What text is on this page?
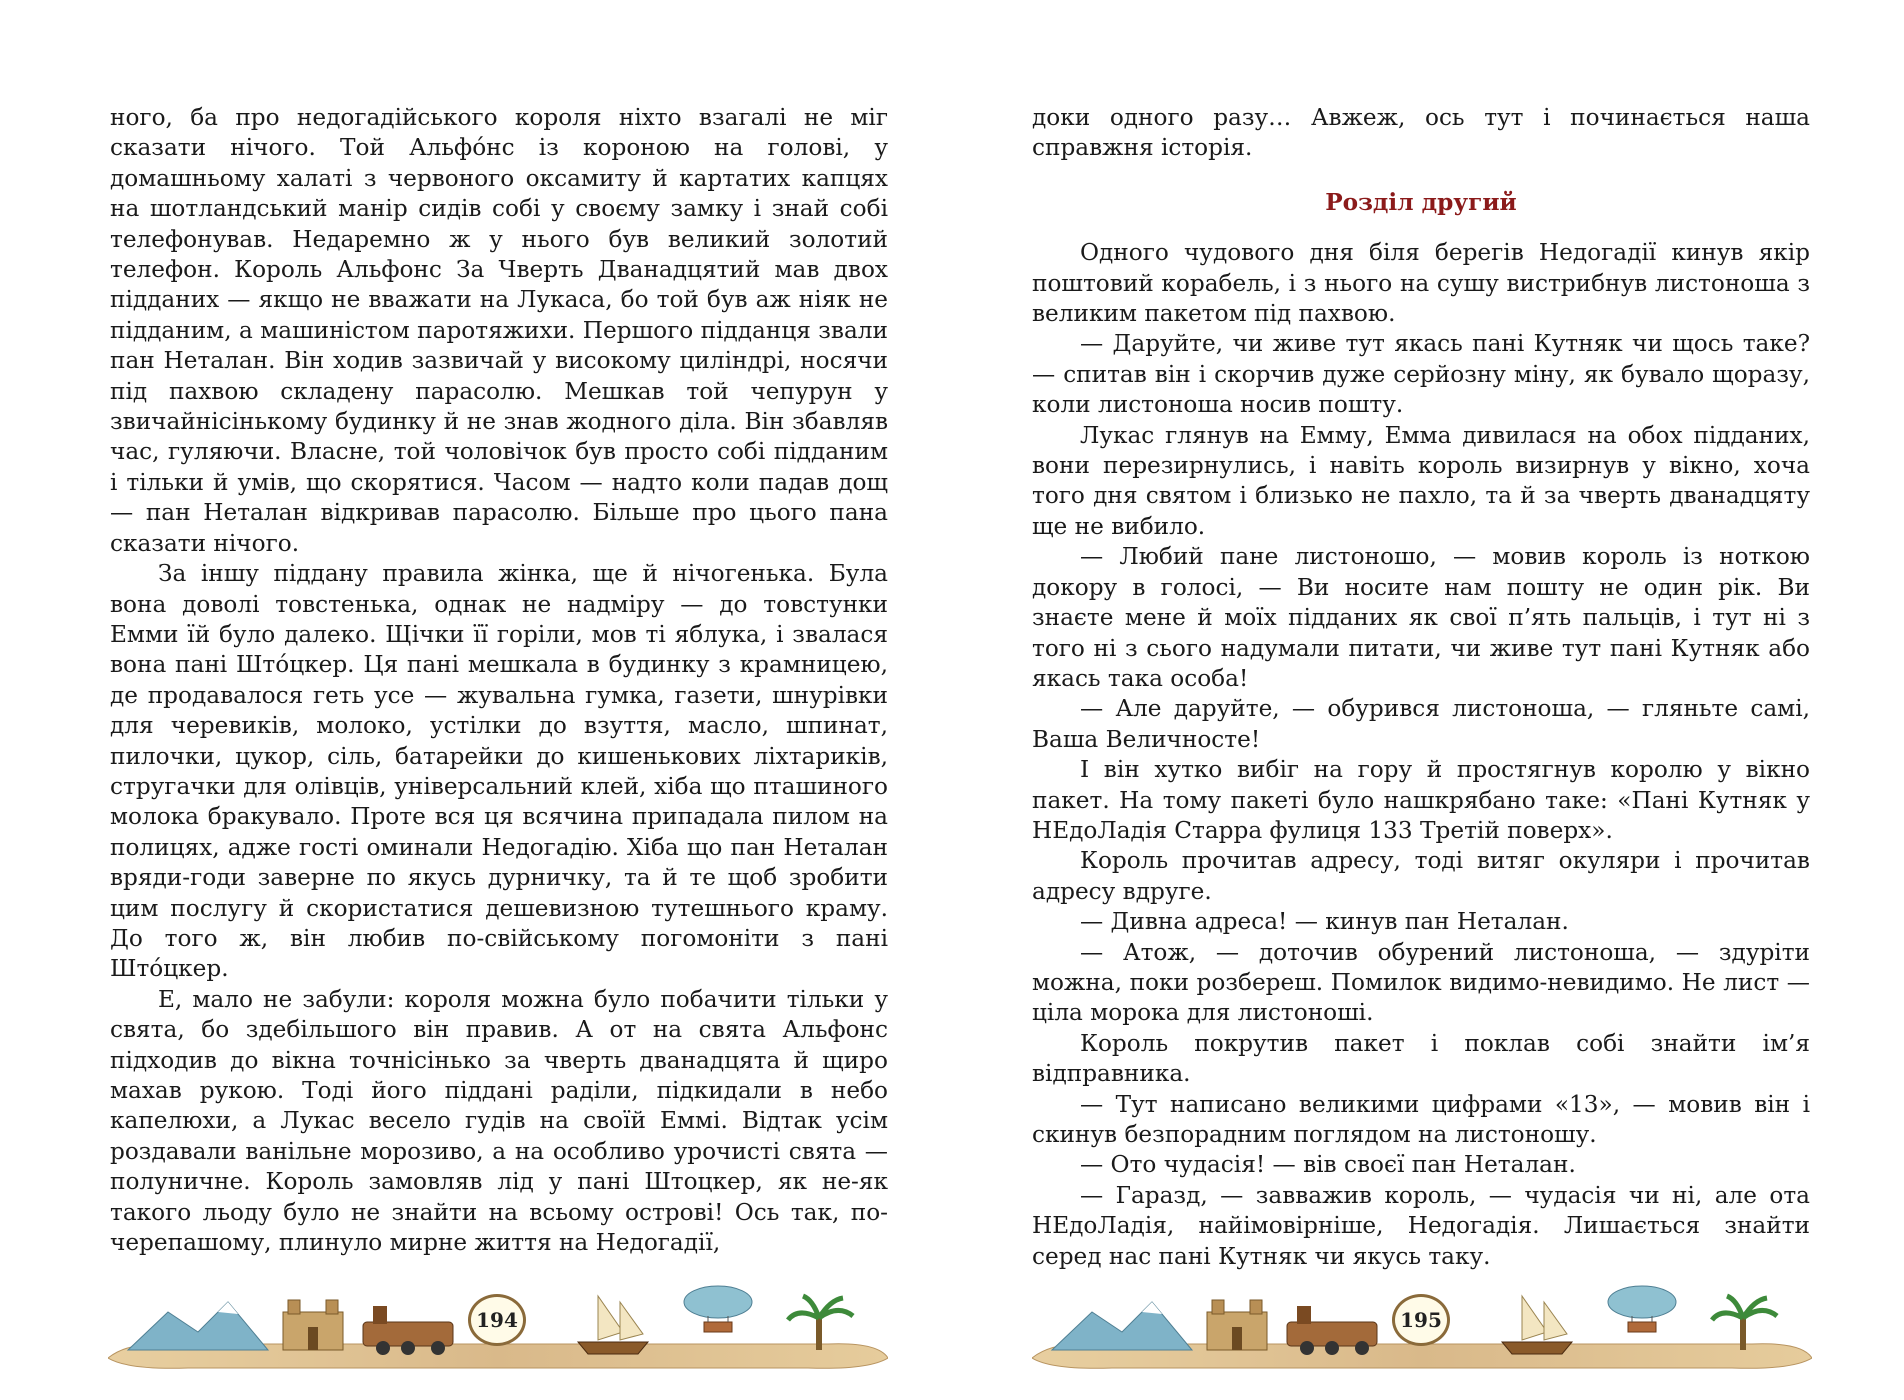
ного, ба про недогадійського короля ніхто взагалі не міг сказати нічого. Той Альфо́нс із короною на голові, у домашньому халаті з червоного оксамиту й картатих капцях на шотландський манір сидів собі у своєму замку і знай собі телефонував. Недаремно ж у нього був великий золотий телефон. Король Альфонс За Чверть Дванадцятий мав двох підданих — якщо не вважати на Лукаса, бо той був аж ніяк не підданим, а машиністом паротяжихи. Першого підданця звали пан Неталан. Він ходив зазвичай у високому циліндрі, носячи під пахвою складену парасолю. Мешкав той чепурун у звичайнісінькому будинку й не знав жодного діла. Він збавляв час, гуляючи. Власне, той чоловічок був просто собі підданим і тільки й умів, що скорятися. Часом — надто коли падав дощ — пан Неталан відкривав парасолю. Більше про цього пана сказати нічого.

За іншу піддану правила жінка, ще й нічогенька. Була вона доволі товстенька, однак не надміру — до товстунки Емми їй було далеко. Щічки її горіли, мов ті яблука, і звалася вона пані Што́цкер. Ця пані мешкала в будинку з крамницею, де продавалося геть усе — жувальна гумка, газети, шнурівки для черевиків, молоко, устілки до взуття, масло, шпинат, пилочки, цукор, сіль, батарейки до кишенькових ліхтариків, стругачки для олівців, універсальний клей, хіба що пташиного молока бракувало. Проте вся ця всячина припадала пилом на полицях, адже гості оминали Недогадію. Хіба що пан Неталан вряди-годи заверне по якусь дурничку, та й те щоб зробити цим послугу й скористатися дешевизною тутешнього краму. До того ж, він любив по-свійському погомоніти з пані Што́цкер.

Е, мало не забули: короля можна було побачити тільки у свята, бо здебільшого він правив. А от на свята Альфонс підходив до вікна точнісінько за чверть дванадцята й щиро махав рукою. Тоді його піддані раділи, підкидали в небо капелюхи, а Лукас весело гудів на своїй Еммі. Відтак усім роздавали ванільне морозиво, а на особливо урочисті свята — полуничне. Король замовляв лід у пані Штоцкер, як не-як такого льоду було не знайти на всьому острові! Ось так, по-черепашому, плинуло мирне життя на Недогадії,

194

доки одного разу… Авжеж, ось тут і починається наша справжня історія.

Розділ другий

Одного чудового дня біля берегів Недогадії кинув якір поштовий корабель, і з нього на сушу вистрибнув листоноша з великим пакетом під пахвою.

— Даруйте, чи живе тут якась пані Кутняк чи щось таке? — спитав він і скорчив дуже серйозну міну, як бувало щоразу, коли листоноша носив пошту.

Лукас глянув на Емму, Емма дивилася на обох підданих, вони перезирнулись, і навіть король визирнув у вікно, хоча того дня святом і близько не пахло, та й за чверть дванадцяту ще не вибило.

— Любий пане листоношо, — мовив король із ноткою докору в голосі, — Ви носите нам пошту не один рік. Ви знаєте мене й моїх підданих як свої п’ять пальців, і тут ні з того ні з сього надумали питати, чи живе тут пані Кутняк або якась така особа!

— Але даруйте, — обурився листоноша, — гляньте самі, Ваша Величносте!

І він хутко вибіг на гору й простягнув королю у вікно пакет. На тому пакеті було нашкрябано таке: «Пані Кутняк у НЕдоЛадія Старра фулиця 133 Третій поверх».

Король прочитав адресу, тоді витяг окуляри і прочитав адресу вдруге.

— Дивна адреса! — кинув пан Неталан.

— Атож, — доточив обурений листоноша, — здуріти можна, поки розбереш. Помилок видимо-невидимо. Не лист — ціла морока для листоноші.

Король покрутив пакет і поклав собі знайти ім’я відправника.

— Тут написано великими цифрами «13», — мовив він і скинув безпорадним поглядом на листоношу.

— Ото чудасія! — вів своєї пан Неталан.

— Гаразд, — завважив король, — чудасія чи ні, але ота НЕдоЛадія, найімовірніше, Недогадія. Лишається знайти серед нас пані Кутняк чи якусь таку.

195
